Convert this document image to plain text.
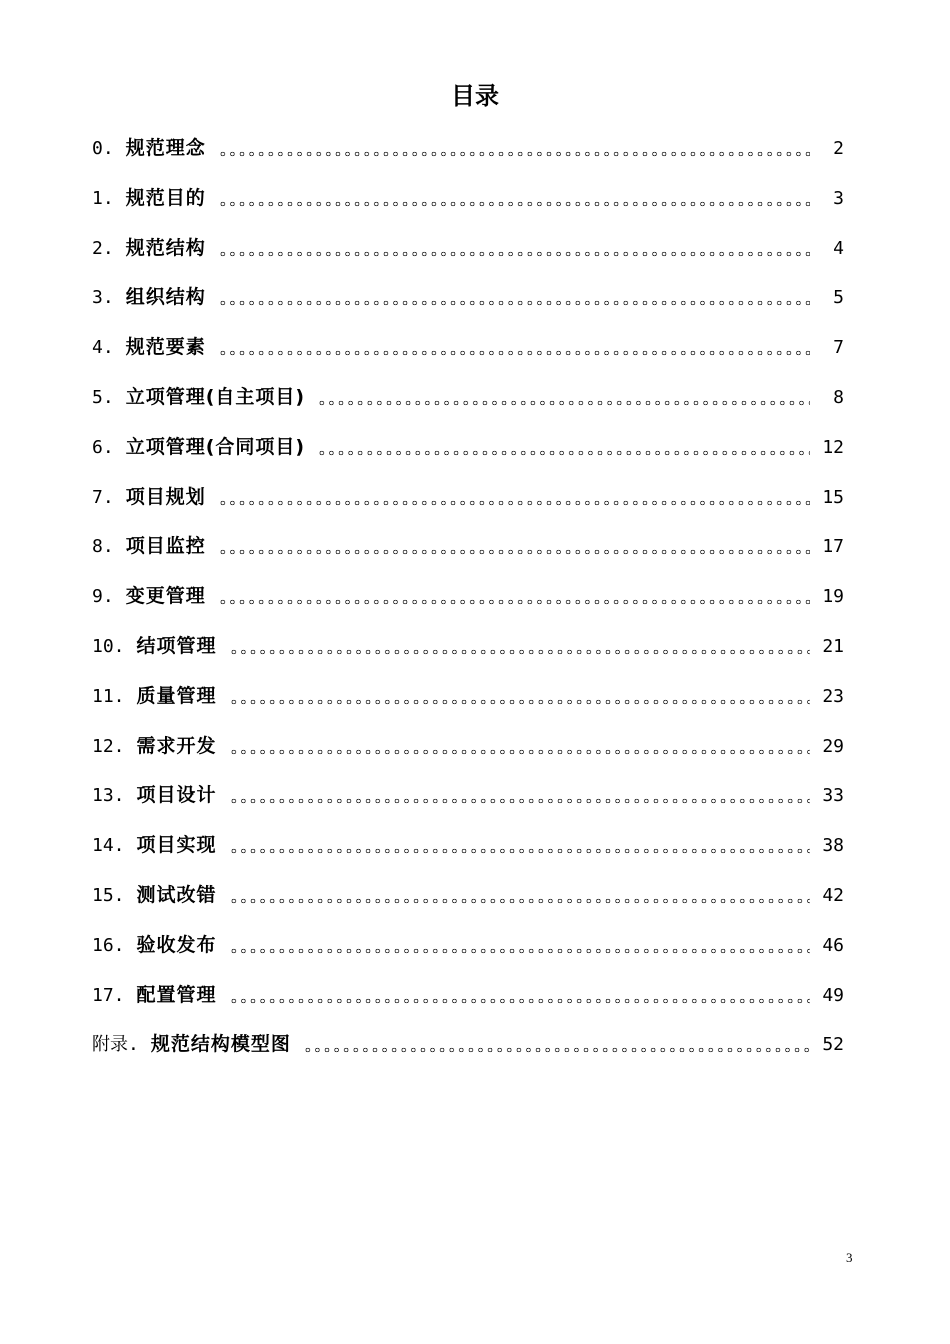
目录
0. 规范理念	2
1. 规范目的	3
2. 规范结构	4
3. 组织结构	5
4. 规范要素	7
5. 立项管理(自主项目)	8
6. 立项管理(合同项目)	12
7. 项目规划	15
8. 项目监控	17
9. 变更管理	19
10. 结项管理	21
11. 质量管理	23
12. 需求开发	29
13. 项目设计	33
14. 项目实现	38
15. 测试改错	42
16. 验收发布	46
17. 配置管理	49
附录. 规范结构模型图	52
3
